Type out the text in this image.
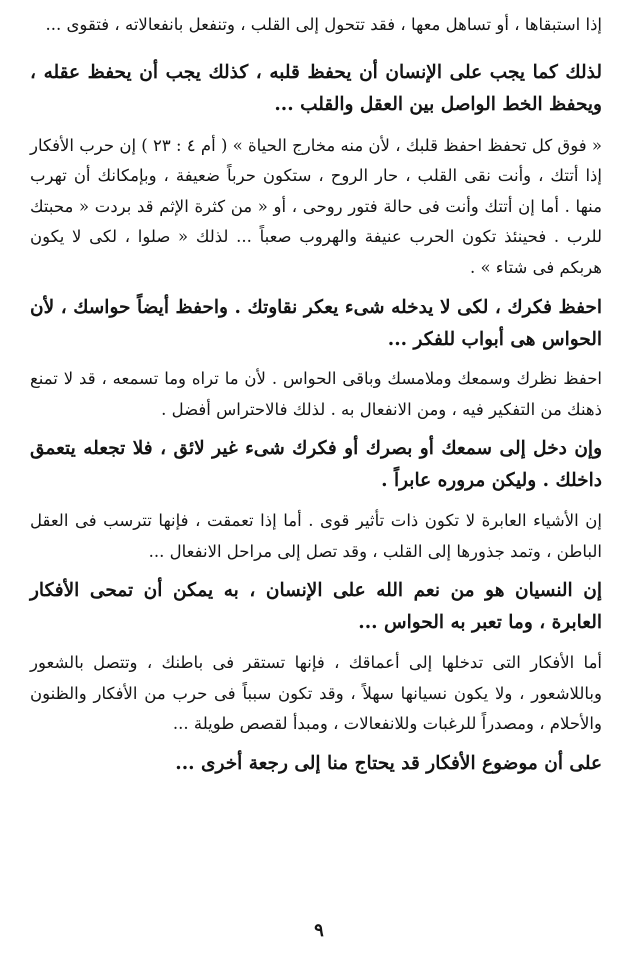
إذا استبقاها ، أو تساهل معها ، فقد تتحول إلى القلب ، وتنفعل بانفعالاته ، فتقوى ...

لذلك كما يجب على الإنسان أن يحفظ قلبه ، كذلك يجب أن يحفظ عقله ، ويحفظ الخط الواصل بين العقل والقلب ...

« فوق كل تحفظ احفظ قلبك ، لأن منه مخارج الحياة » ( أم ٤ : ٢٣ ) إن حرب الأفكار إذا أتتك ، وأنت نقى القلب ، حار الروح ، ستكون حرباً ضعيفة ، وبإمكانك أن تهرب منها . أما إن أتتك وأنت فى حالة فتور روحى ، أو « من كثرة الإثم قد بردت « محبتك للرب . فحينئذ تكون الحرب عنيفة والهروب صعباً ... لذلك « صلوا ، لكى لا يكون هربكم فى شتاء » .

احفظ فكرك ، لكى لا يدخله شىء يعكر نقاوتك . واحفظ أيضاً حواسك ، لأن الحواس هى أبواب للفكر ...

احفظ نظرك وسمعك وملامسك وباقى الحواس . لأن ما تراه وما تسمعه ، قد لا تمنع ذهنك من التفكير فيه ، ومن الانفعال به . لذلك فالاحتراس أفضل .

وإن دخل إلى سمعك أو بصرك أو فكرك شىء غير لائق ، فلا تجعله يتعمق داخلك . وليكن مروره عابراً .

إن الأشياء العابرة لا تكون ذات تأثير قوى . أما إذا تعمقت ، فإنها تترسب فى العقل الباطن ، وتمد جذورها إلى القلب ، وقد تصل إلى مراحل الانفعال ...

إن النسيان هو من نعم الله على الإنسان ، به يمكن أن تمحى الأفكار العابرة ، وما تعبر به الحواس ...

أما الأفكار التى تدخلها إلى أعماقك ، فإنها تستقر فى باطنك ، وتتصل بالشعور وباللاشعور ، ولا يكون نسيانها سهلاً ، وقد تكون سبباً فى حرب من الأفكار والظنون والأحلام ، ومصدراً للرغبات وللانفعالات ، ومبدأ لقصص طويلة ...

على أن موضوع الأفكار قد يحتاج منا إلى رجعة أخرى ...

٩
